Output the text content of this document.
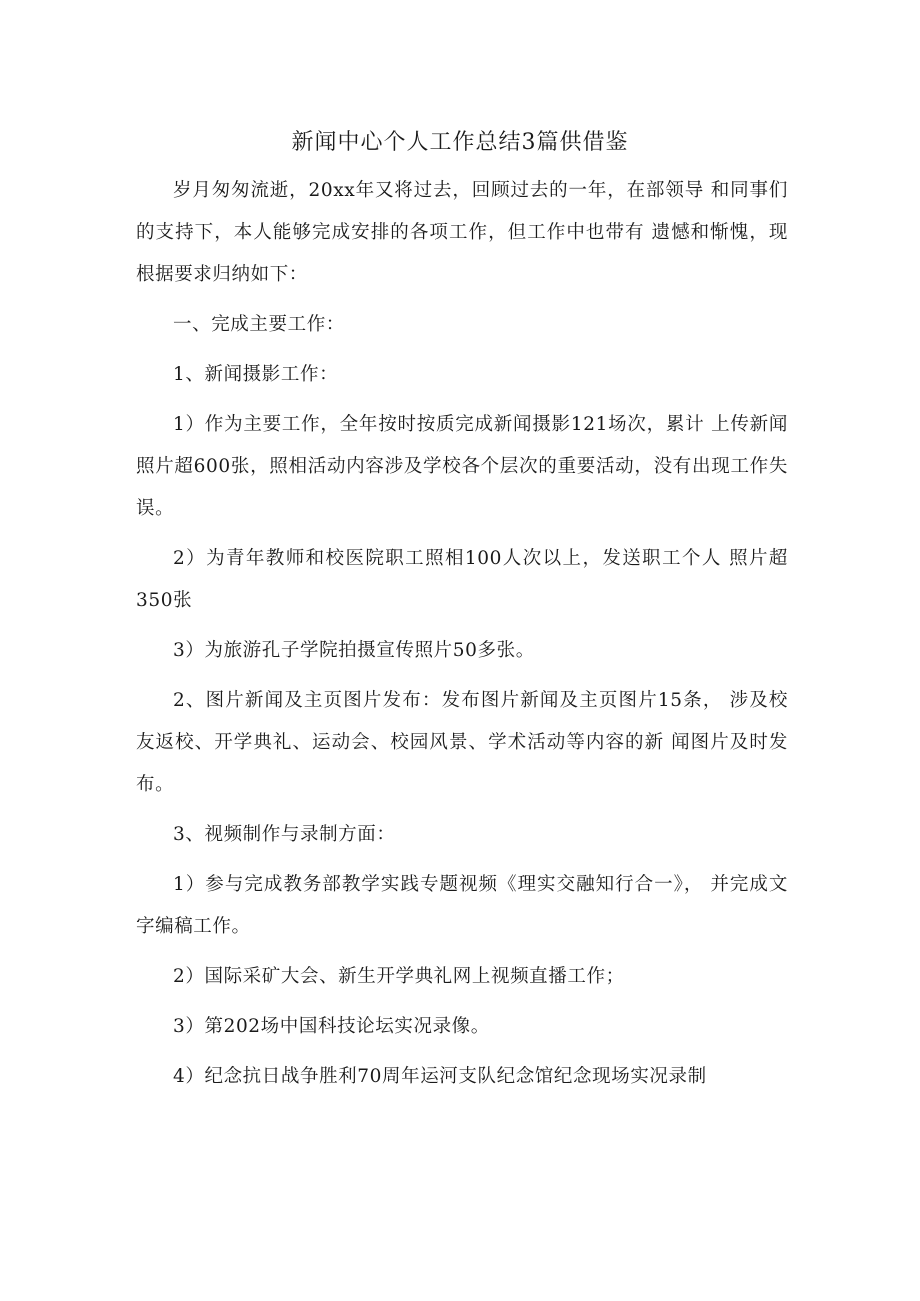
新闻中心个人工作总结3篇供借鉴

岁月匆匆流逝，20xx年又将过去，回顾过去的一年，在部领导 和同事们的支持下，本人能够完成安排的各项工作，但工作中也带有 遗憾和惭愧，现根据要求归纳如下：

一、完成主要工作：

1、新闻摄影工作：

1）作为主要工作，全年按时按质完成新闻摄影121场次，累计 上传新闻照片超600张，照相活动内容涉及学校各个层次的重要活动，没有出现工作失误。

2）为青年教师和校医院职工照相100人次以上，发送职工个人 照片超350张

3）为旅游孔子学院拍摄宣传照片50多张。

2、图片新闻及主页图片发布：发布图片新闻及主页图片15条， 涉及校友返校、开学典礼、运动会、校园风景、学术活动等内容的新 闻图片及时发布。

3、视频制作与录制方面：

1）参与完成教务部教学实践专题视频《理实交融知行合一》， 并完成文字编稿工作。

2）国际采矿大会、新生开学典礼网上视频直播工作；

3）第202场中国科技论坛实况录像。

4）纪念抗日战争胜利70周年运河支队纪念馆纪念现场实况录制
